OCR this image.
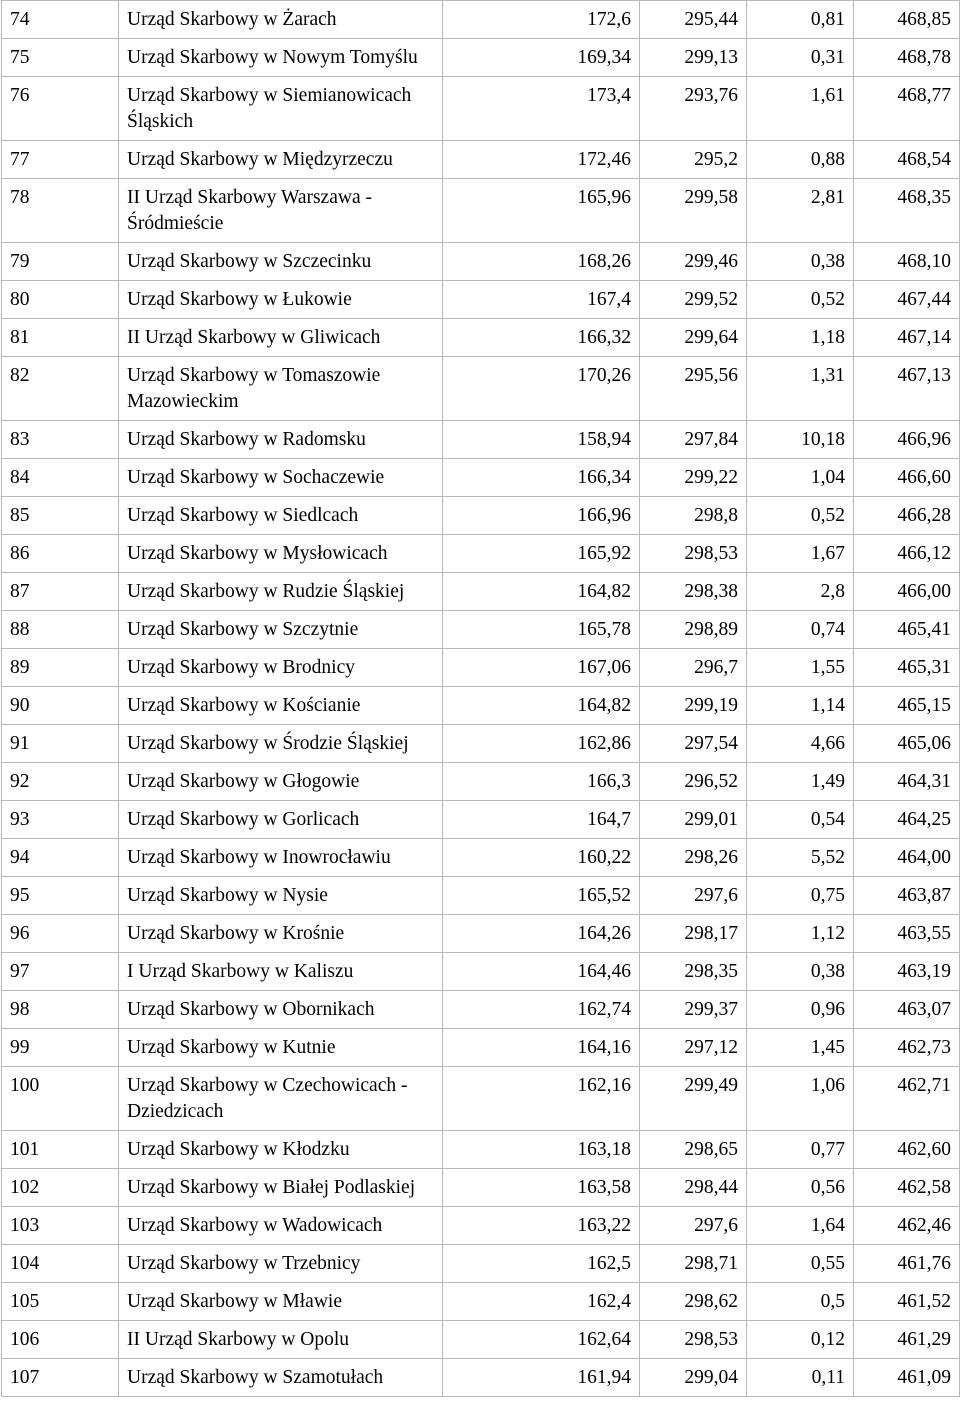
74	Urząd Skarbowy w Żarach	172,6	295,44	0,81	468,85
75	Urząd Skarbowy w Nowym Tomyślu	169,34	299,13	0,31	468,78
76	Urząd Skarbowy w Siemianowicach Śląskich	173,4	293,76	1,61	468,77
77	Urząd Skarbowy w Międzyrzeczu	172,46	295,2	0,88	468,54
78	II Urząd Skarbowy Warszawa - Śródmieście	165,96	299,58	2,81	468,35
79	Urząd Skarbowy w Szczecinku	168,26	299,46	0,38	468,10
80	Urząd Skarbowy w Łukowie	167,4	299,52	0,52	467,44
81	II Urząd Skarbowy w Gliwicach	166,32	299,64	1,18	467,14
82	Urząd Skarbowy w Tomaszowie Mazowieckim	170,26	295,56	1,31	467,13
83	Urząd Skarbowy w Radomsku	158,94	297,84	10,18	466,96
84	Urząd Skarbowy w Sochaczewie	166,34	299,22	1,04	466,60
85	Urząd Skarbowy w Siedlcach	166,96	298,8	0,52	466,28
86	Urząd Skarbowy w Mysłowicach	165,92	298,53	1,67	466,12
87	Urząd Skarbowy w Rudzie Śląskiej	164,82	298,38	2,8	466,00
88	Urząd Skarbowy w Szczytnie	165,78	298,89	0,74	465,41
89	Urząd Skarbowy w Brodnicy	167,06	296,7	1,55	465,31
90	Urząd Skarbowy w Kościanie	164,82	299,19	1,14	465,15
91	Urząd Skarbowy w Środzie Śląskiej	162,86	297,54	4,66	465,06
92	Urząd Skarbowy w Głogowie	166,3	296,52	1,49	464,31
93	Urząd Skarbowy w Gorlicach	164,7	299,01	0,54	464,25
94	Urząd Skarbowy w Inowrocławiu	160,22	298,26	5,52	464,00
95	Urząd Skarbowy w Nysie	165,52	297,6	0,75	463,87
96	Urząd Skarbowy w Krośnie	164,26	298,17	1,12	463,55
97	I Urząd Skarbowy w Kaliszu	164,46	298,35	0,38	463,19
98	Urząd Skarbowy w Obornikach	162,74	299,37	0,96	463,07
99	Urząd Skarbowy w Kutnie	164,16	297,12	1,45	462,73
100	Urząd Skarbowy w Czechowicach - Dziedzicach	162,16	299,49	1,06	462,71
101	Urząd Skarbowy w Kłodzku	163,18	298,65	0,77	462,60
102	Urząd Skarbowy w Białej Podlaskiej	163,58	298,44	0,56	462,58
103	Urząd Skarbowy w Wadowicach	163,22	297,6	1,64	462,46
104	Urząd Skarbowy w Trzebnicy	162,5	298,71	0,55	461,76
105	Urząd Skarbowy w Mławie	162,4	298,62	0,5	461,52
106	II Urząd Skarbowy w Opolu	162,64	298,53	0,12	461,29
107	Urząd Skarbowy w Szamotułach	161,94	299,04	0,11	461,09
